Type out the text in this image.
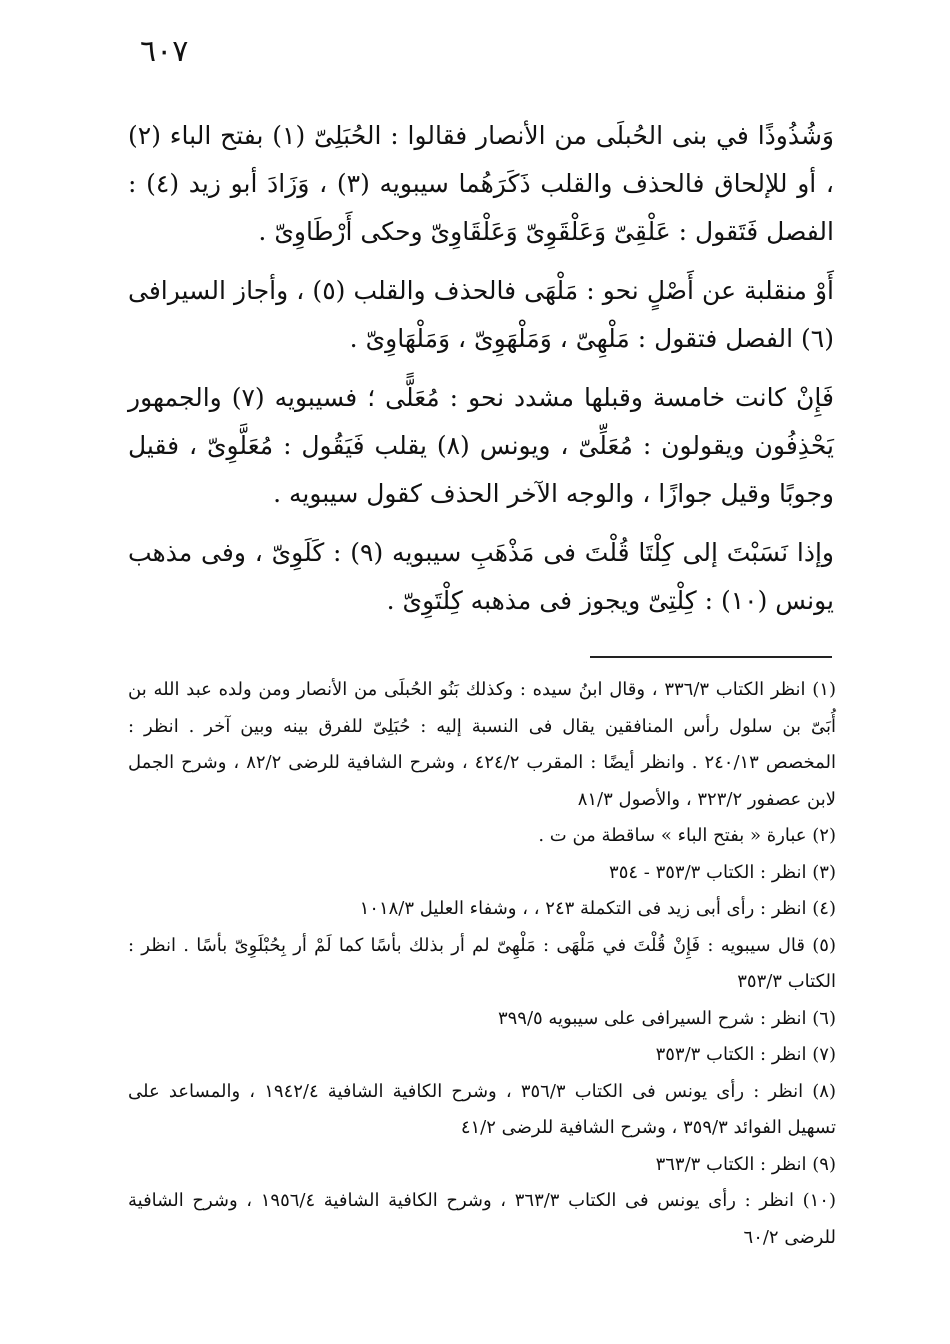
٦٠٧

وَشُذُوذًا في بنى الحُبلَى من الأنصار فقالوا : الحُبَلِىّ (١) بفتح الباء (٢) ، أو للإلحاق فالحذف والقلب ذَكَرَهُما سيبويه (٣) ، وَزَادَ أبو زيد (٤) : الفصل فَتَقول : عَلْقِىّ وَعَلْقَوِىّ وَعَلْقَاوِىّ وحكى أَرْطَاوِىّ .

أَوْ منقلبة عن أَصْلٍ نحو : مَلْهَى فالحذف والقلب (٥) ، وأجاز السيرافى (٦) الفصل فتقول : مَلْهِىّ ، وَمَلْهَوِىّ ، وَمَلْهَاوِىّ .

فَإِنْ كانت خامسة وقبلها مشدد نحو : مُعَلًّى ؛ فسيبويه (٧) والجمهور يَحْذِفُون ويقولون : مُعَلِّىّ ، ويونس (٨) يقلب فَيَقُول : مُعَلَّوِىّ ، فقيل وجوبًا وقيل جوازًا ، والوجه الآخر الحذف كقول سيبويه .

وإذا نَسَبْتَ إلى كِلْتَا قُلْتَ فى مَذْهَبِ سيبويه (٩) : كَلَوِىّ ، وفى مذهب يونس (١٠) : كِلْتِىّ ويجوز فى مذهبه كِلْتَوِىّ .

(١) انظر الكتاب ٣٣٦/٣ ، وقال ابنُ سيده : وكذلك بَنُو الحُبلَى من الأنصار ومن ولده عبد الله بن أُبَىّ بن سلول رأس المنافقين يقال فى النسبة إليه : حُبَلِىّ للفرق بينه وبين آخر . انظر : المخصص ٢٤٠/١٣ . وانظر أيضًا : المقرب ٤٢٤/٢ ، وشرح الشافية للرضى ٨٢/٢ ، وشرح الجمل لابن عصفور ٣٢٣/٢ ، والأصول ٨١/٣
(٢) عبارة « بفتح الباء » ساقطة من ت .
(٣) انظر : الكتاب ٣٥٣/٣ - ٣٥٤
(٤) انظر : رأى أبى زيد فى التكملة ٢٤٣ ، ، وشفاء العليل ١٠١٨/٣
(٥) قال سيبويه : فَإِنْ قُلْتَ في مَلْهَى : مَلْهِىّ لم أر بذلك بأسًا كما لَمْ أر بِحُبْلَوِىّ بأسًا . انظر : الكتاب ٣٥٣/٣
(٦) انظر : شرح السيرافى على سيبويه ٣٩٩/٥
(٧) انظر : الكتاب ٣٥٣/٣
(٨) انظر : رأى يونس فى الكتاب ٣٥٦/٣ ، وشرح الكافية الشافية ١٩٤٢/٤ ، والمساعد على تسهيل الفوائد ٣٥٩/٣ ، وشرح الشافية للرضى ٤١/٢
(٩) انظر : الكتاب ٣٦٣/٣
(١٠) انظر : رأى يونس فى الكتاب ٣٦٣/٣ ، وشرح الكافية الشافية ١٩٥٦/٤ ، وشرح الشافية للرضى ٦٠/٢
